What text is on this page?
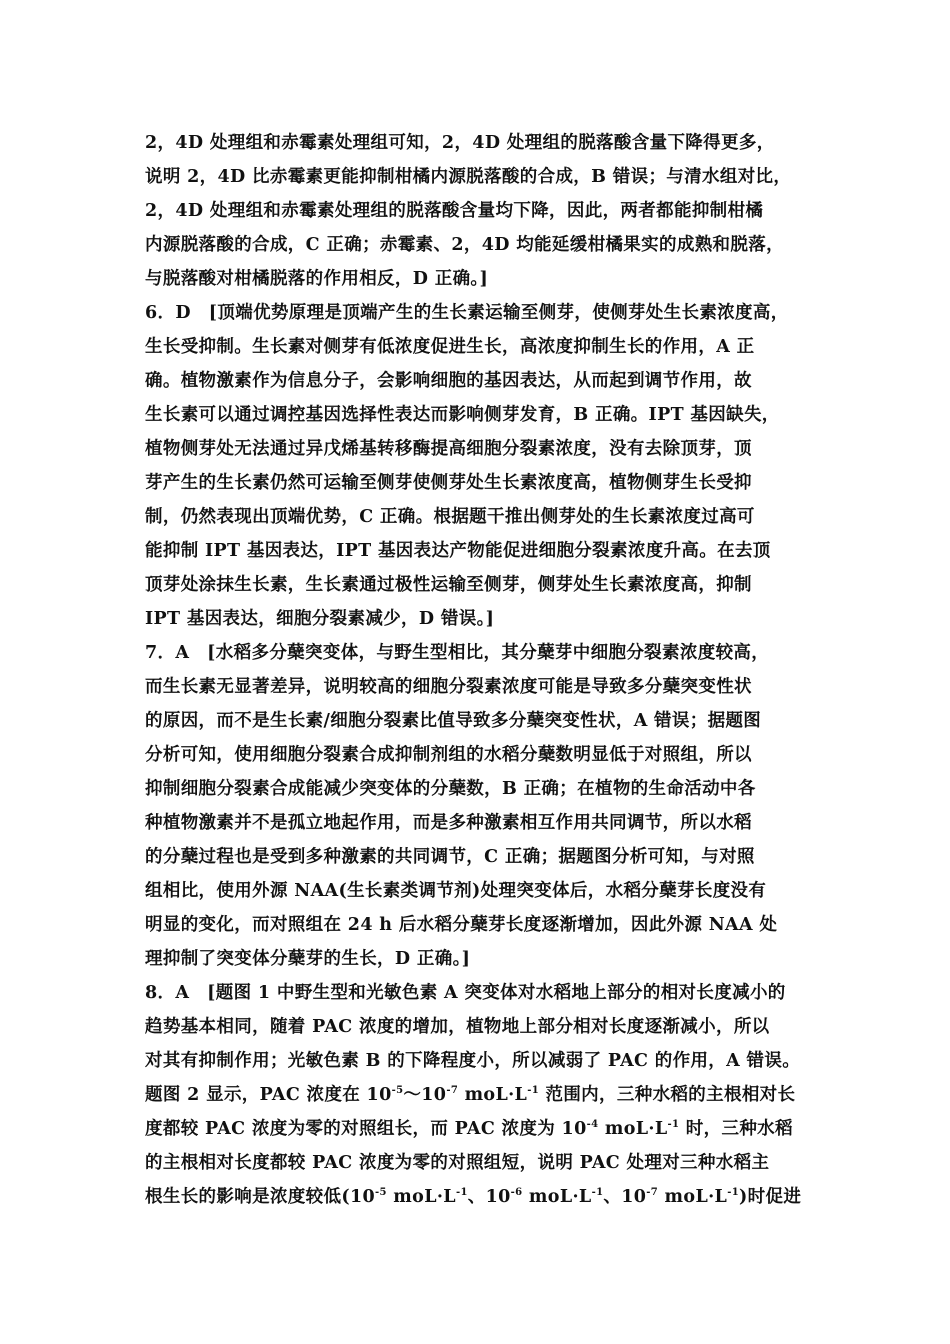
2，4D 处理组和赤霉素处理组可知，2，4D 处理组的脱落酸含量下降得更多，
说明 2，4D 比赤霉素更能抑制柑橘内源脱落酸的合成，B 错误；与清水组对比，
2，4D 处理组和赤霉素处理组的脱落酸含量均下降，因此，两者都能抑制柑橘
内源脱落酸的合成，C 正确；赤霉素、2，4D 均能延缓柑橘果实的成熟和脱落，
与脱落酸对柑橘脱落的作用相反，D 正确。]
6．D　[顶端优势原理是顶端产生的生长素运输至侧芽，使侧芽处生长素浓度高，
生长受抑制。生长素对侧芽有低浓度促进生长，高浓度抑制生长的作用，A 正
确。植物激素作为信息分子，会影响细胞的基因表达，从而起到调节作用，故
生长素可以通过调控基因选择性表达而影响侧芽发育，B 正确。IPT 基因缺失，
植物侧芽处无法通过异戊烯基转移酶提高细胞分裂素浓度，没有去除顶芽，顶
芽产生的生长素仍然可运输至侧芽使侧芽处生长素浓度高，植物侧芽生长受抑
制，仍然表现出顶端优势，C 正确。根据题干推出侧芽处的生长素浓度过高可
能抑制 IPT 基因表达，IPT 基因表达产物能促进细胞分裂素浓度升高。在去顶
顶芽处涂抹生长素，生长素通过极性运输至侧芽，侧芽处生长素浓度高，抑制
IPT 基因表达，细胞分裂素减少，D 错误。]
7．A　[水稻多分蘖突变体，与野生型相比，其分蘖芽中细胞分裂素浓度较高，
而生长素无显著差异，说明较高的细胞分裂素浓度可能是导致多分蘖突变性状
的原因，而不是生长素/细胞分裂素比值导致多分蘖突变性状，A 错误；据题图
分析可知，使用细胞分裂素合成抑制剂组的水稻分蘖数明显低于对照组，所以
抑制细胞分裂素合成能减少突变体的分蘖数，B 正确；在植物的生命活动中各
种植物激素并不是孤立地起作用，而是多种激素相互作用共同调节，所以水稻
的分蘖过程也是受到多种激素的共同调节，C 正确；据题图分析可知，与对照
组相比，使用外源 NAA(生长素类调节剂)处理突变体后，水稻分蘖芽长度没有
明显的变化，而对照组在 24 h 后水稻分蘖芽长度逐渐增加，因此外源 NAA 处
理抑制了突变体分蘖芽的生长，D 正确。]
8．A　[题图 1 中野生型和光敏色素 A 突变体对水稻地上部分的相对长度减小的
趋势基本相同，随着 PAC 浓度的增加，植物地上部分相对长度逐渐减小，所以
对其有抑制作用；光敏色素 B 的下降程度小，所以减弱了 PAC 的作用，A 错误。
题图 2 显示，PAC 浓度在 $10^{-5}\sim 10^{-7}$ $moL\cdot L^{-1}$ 范围内，三种水稻的主根相对长
度都较 PAC 浓度为零的对照组长，而 PAC 浓度为 $10^{-4}$ $moL\cdot L^{-1}$ 时，三种水稻
的主根相对长度都较 PAC 浓度为零的对照组短，说明 PAC 处理对三种水稻主
根生长的影响是浓度较低($10^{-5}$ $moL\cdot L^{-1}$、$10^{-6}$ $moL\cdot L^{-1}$、$10^{-7}$ $moL\cdot L^{-1}$)时促进
